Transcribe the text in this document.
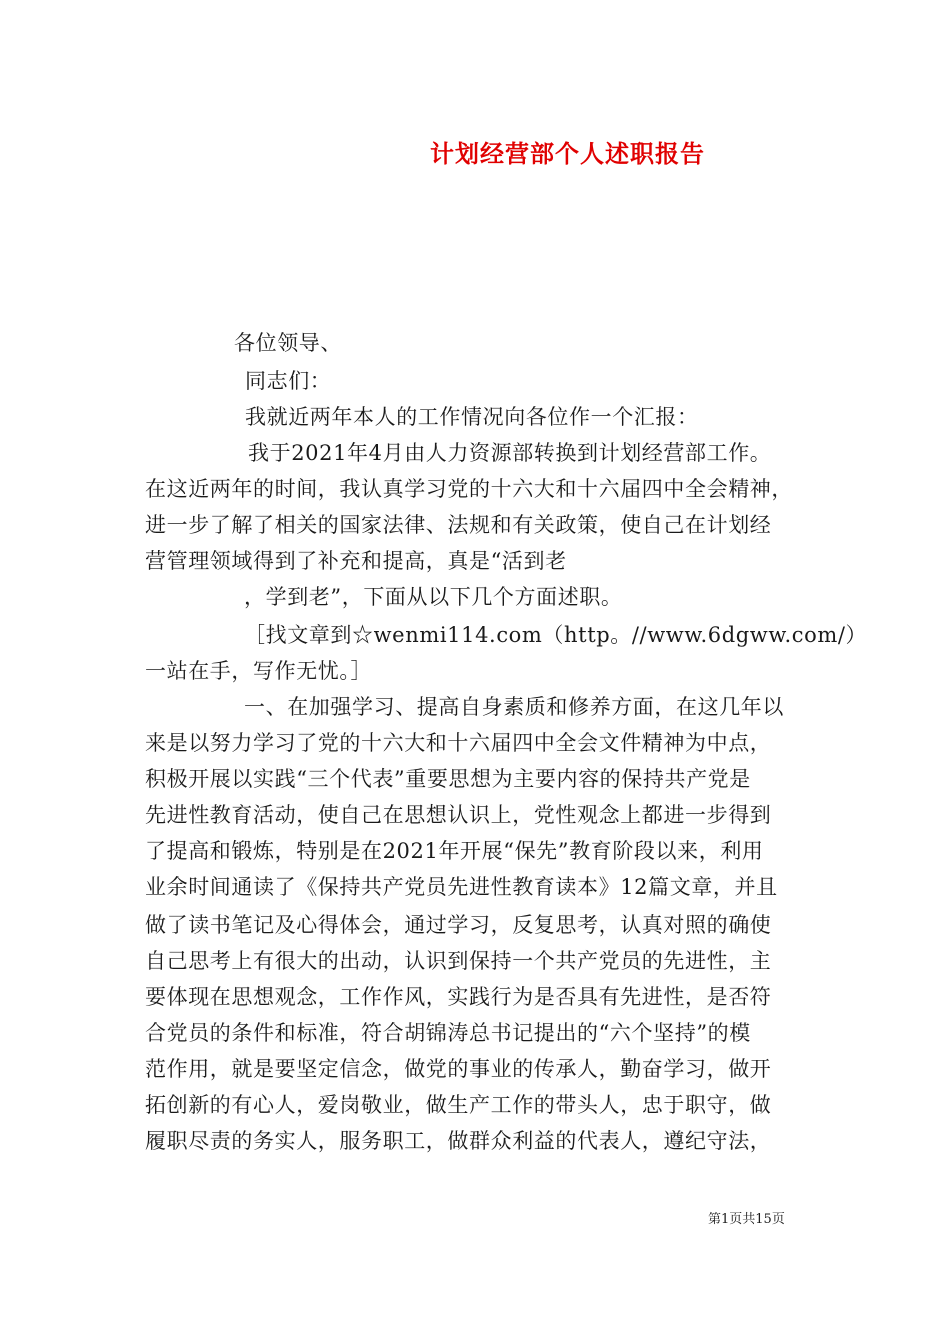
计划经营部个人述职报告
各位领导、
同志们：
我就近两年本人的工作情况向各位作一个汇报：
我于2021年4月由人力资源部转换到计划经营部工作。
在这近两年的时间，我认真学习党的十六大和十六届四中全会精神，
进一步了解了相关的国家法律、法规和有关政策，使自己在计划经
营管理领域得到了补充和提高，真是“活到老
，学到老”，下面从以下几个方面述职。
［找文章到☆wenmi114.com（http。//www.6dgww.com/）
一站在手，写作无忧。］
一、在加强学习、提高自身素质和修养方面，在这几年以
来是以努力学习了党的十六大和十六届四中全会文件精神为中点，
积极开展以实践“三个代表”重要思想为主要内容的保持共产党是
先进性教育活动，使自己在思想认识上，党性观念上都进一步得到
了提高和锻炼，特别是在2021年开展“保先”教育阶段以来，利用
业余时间通读了《保持共产党员先进性教育读本》12篇文章，并且
做了读书笔记及心得体会，通过学习，反复思考，认真对照的确使
自己思考上有很大的出动，认识到保持一个共产党员的先进性，主
要体现在思想观念，工作作风，实践行为是否具有先进性，是否符
合党员的条件和标准，符合胡锦涛总书记提出的“六个坚持”的模
范作用，就是要坚定信念，做党的事业的传承人，勤奋学习，做开
拓创新的有心人，爱岗敬业，做生产工作的带头人，忠于职守，做
履职尽责的务实人，服务职工，做群众利益的代表人，遵纪守法，
第1页共15页
